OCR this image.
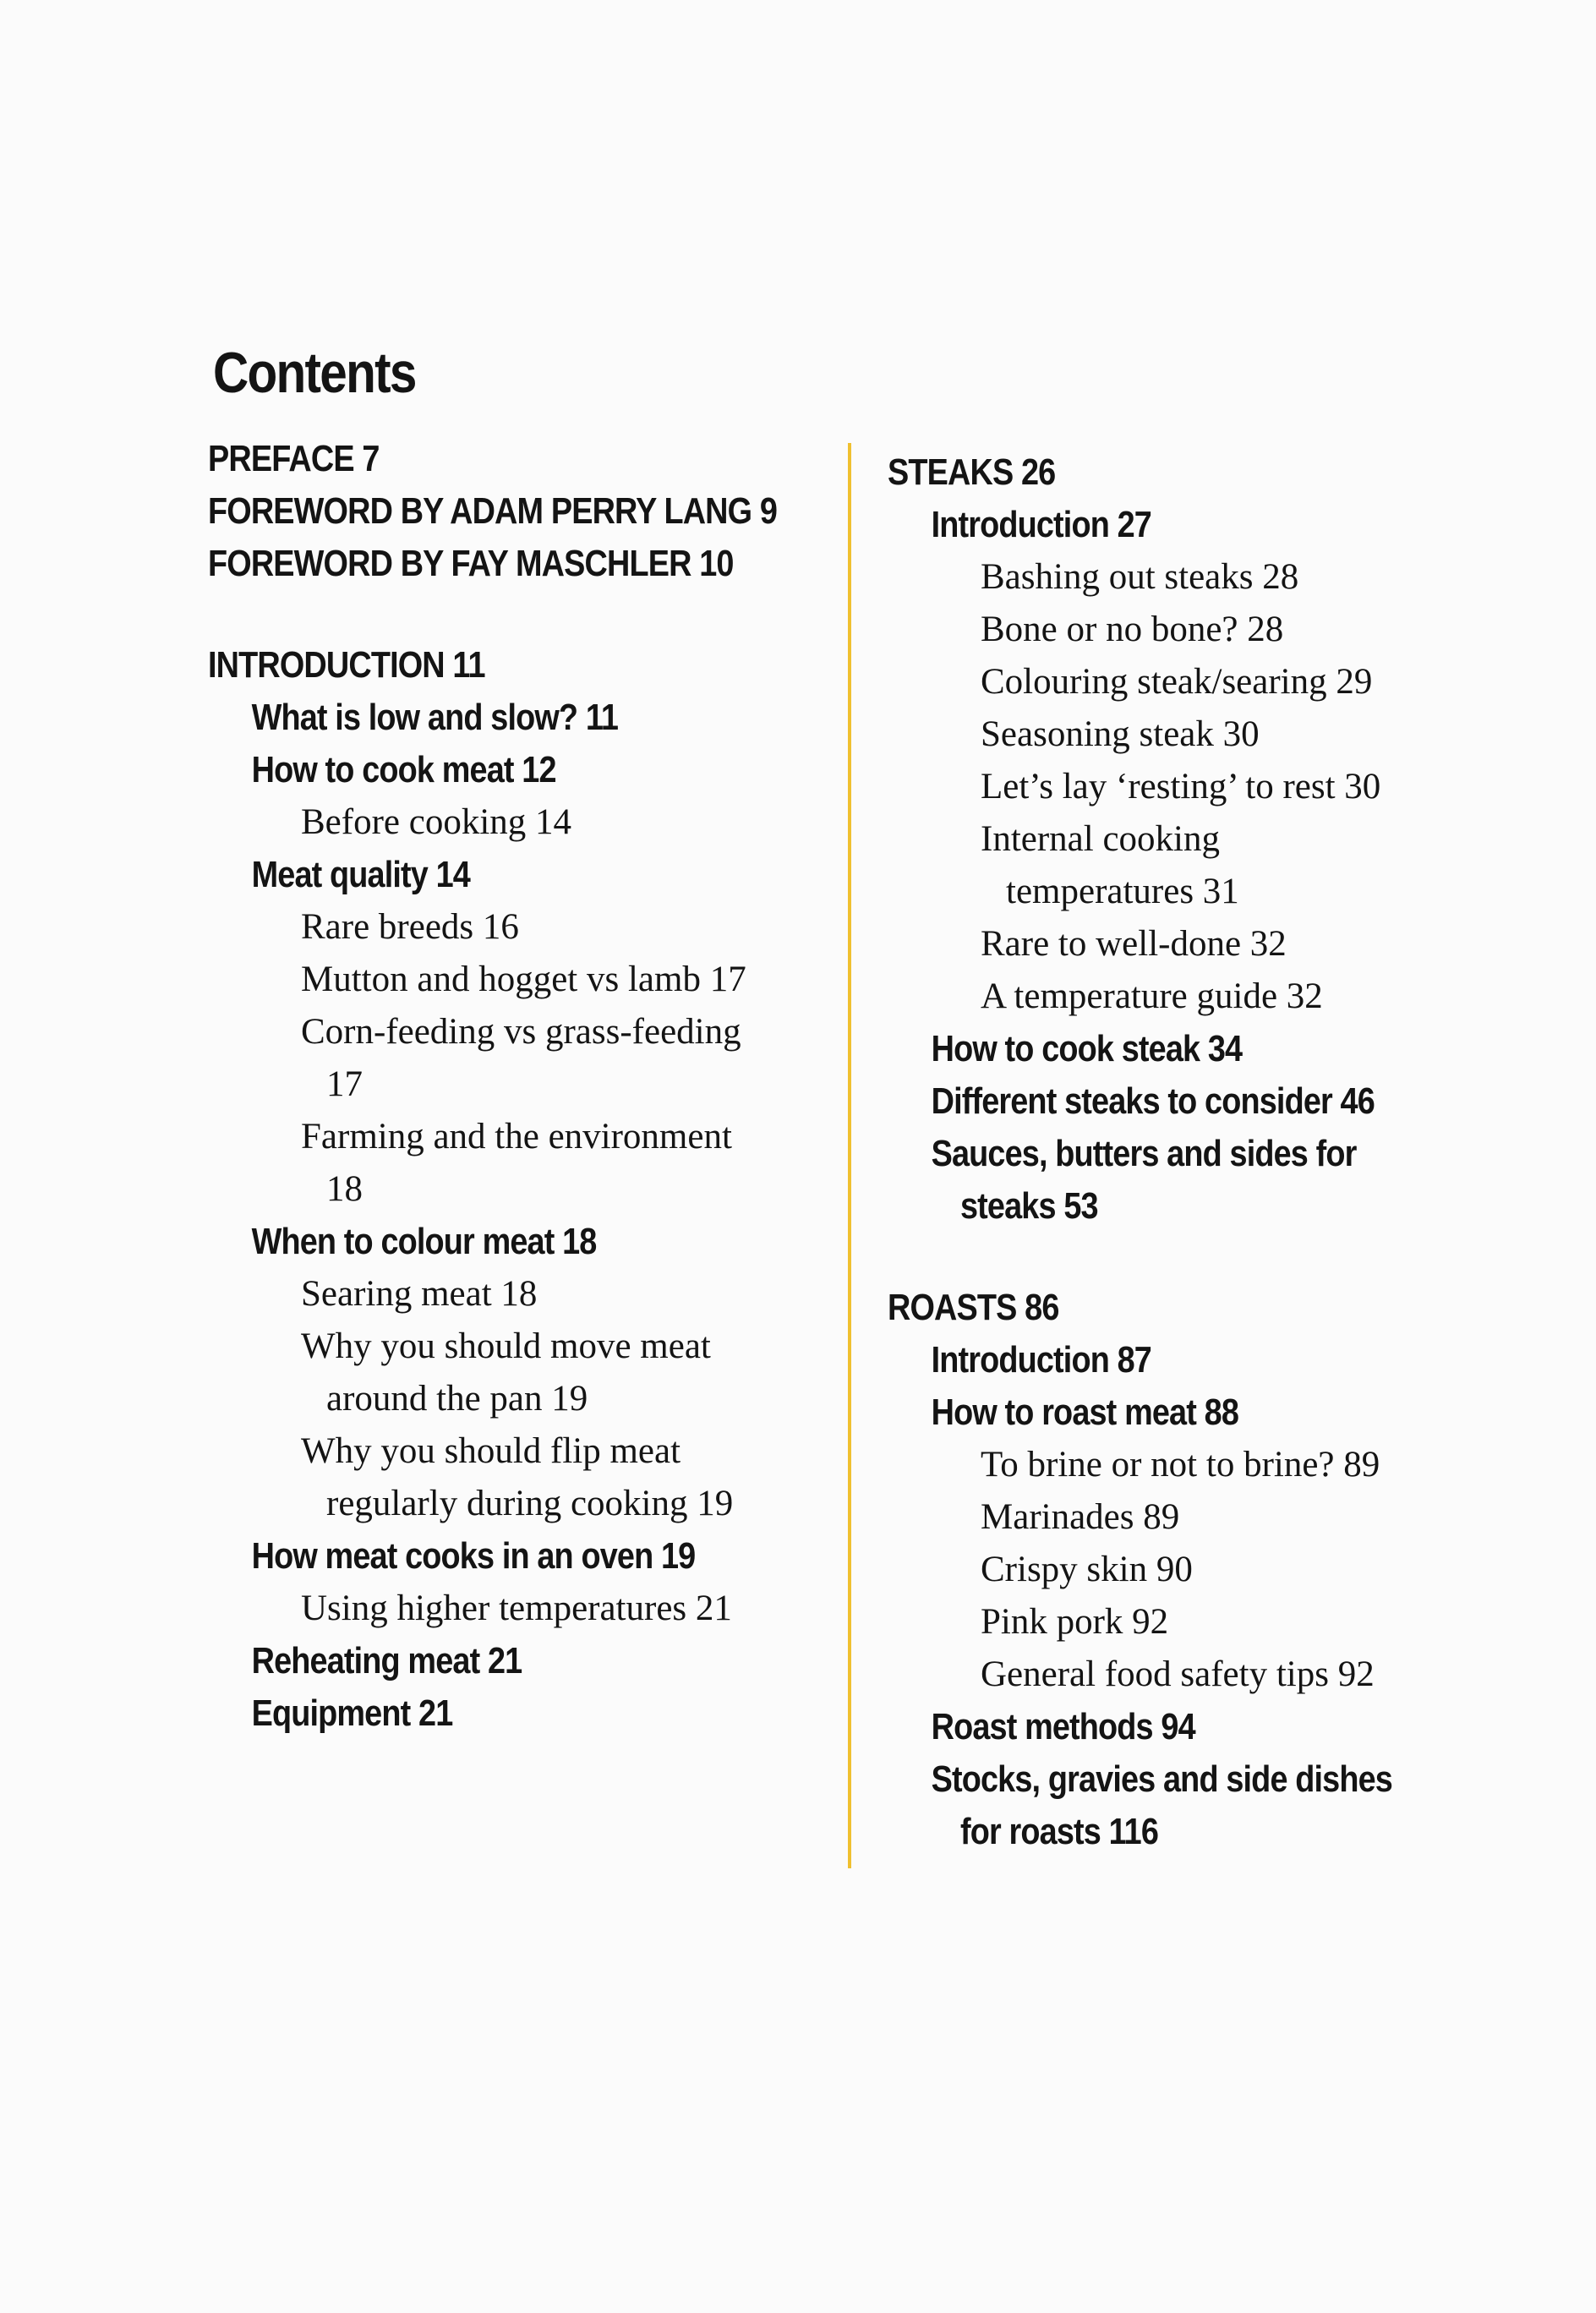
Contents
PREFACE 7
FOREWORD BY ADAM PERRY LANG 9
FOREWORD BY FAY MASCHLER 10
INTRODUCTION 11
What is low and slow? 11
How to cook meat 12
Before cooking 14
Meat quality 14
Rare breeds 16
Mutton and hogget vs lamb 17
Corn-feeding vs grass-feeding
17
Farming and the environment
18
When to colour meat 18
Searing meat 18
Why you should move meat
around the pan 19
Why you should flip meat
regularly during cooking 19
How meat cooks in an oven 19
Using higher temperatures 21
Reheating meat 21
Equipment 21
STEAKS 26
Introduction 27
Bashing out steaks 28
Bone or no bone? 28
Colouring steak/searing 29
Seasoning steak 30
Let’s lay ‘resting’ to rest 30
Internal cooking
temperatures 31
Rare to well-done 32
A temperature guide 32
How to cook steak 34
Different steaks to consider 46
Sauces, butters and sides for
steaks 53
ROASTS 86
Introduction 87
How to roast meat 88
To brine or not to brine? 89
Marinades 89
Crispy skin 90
Pink pork 92
General food safety tips 92
Roast methods 94
Stocks, gravies and side dishes
for roasts 116
